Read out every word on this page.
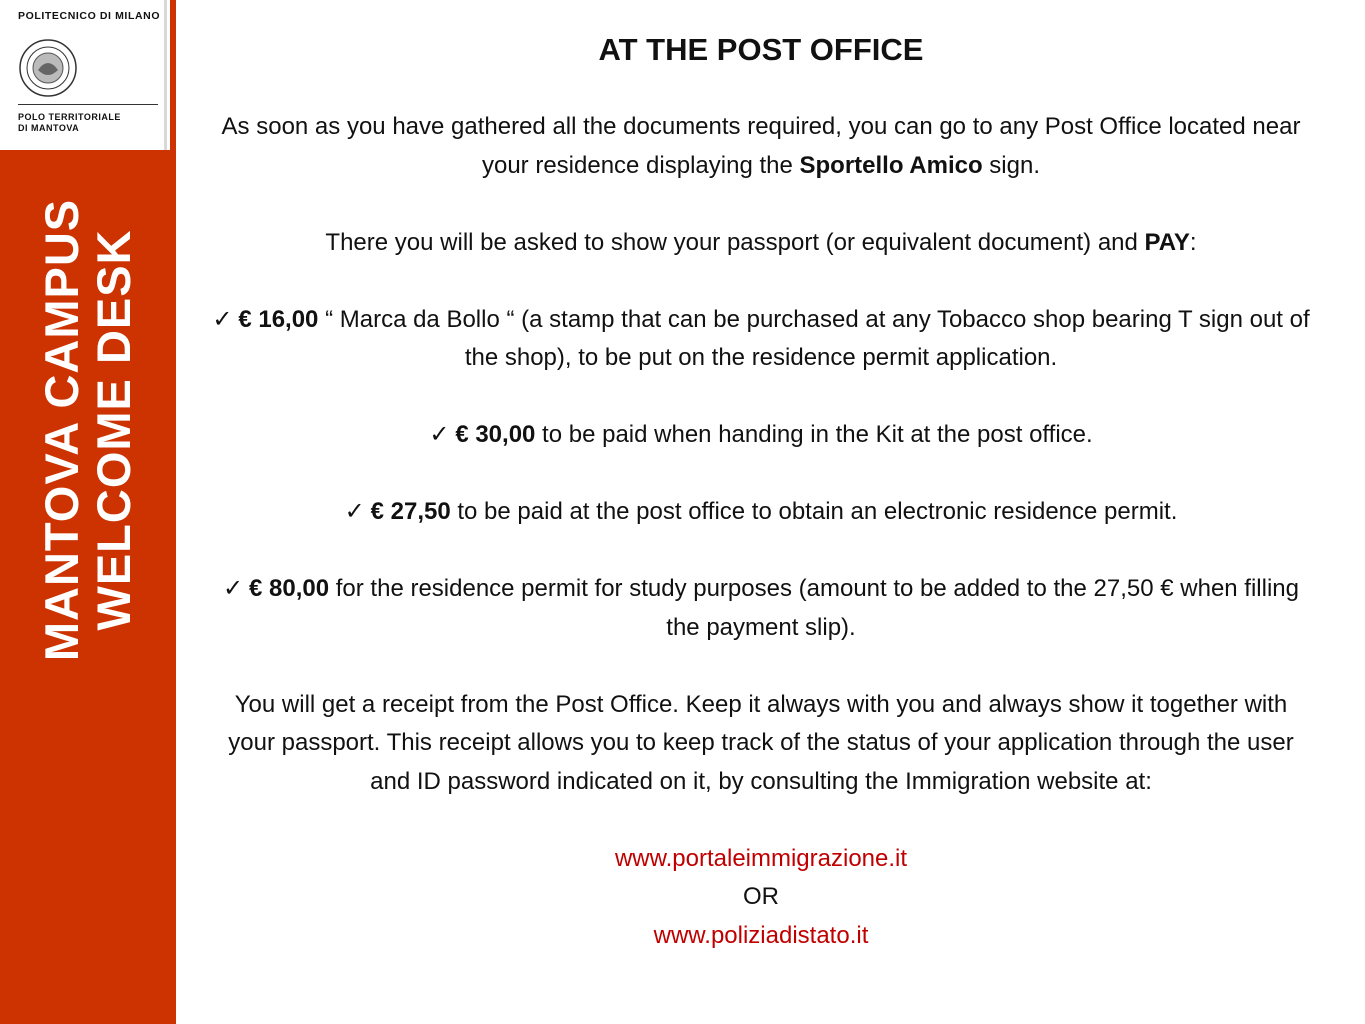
POLITECNICO DI MILANO
POLO TERRITORIALE
DI MANTOVA
MANTOVA CAMPUS WELCOME DESK
AT THE POST OFFICE

As soon as you have gathered all the documents required, you can go to any Post Office located near your residence displaying the Sportello Amico sign.

There you will be asked to show your passport (or equivalent document) and PAY:

✓ € 16,00 “ Marca da Bollo “ (a stamp that can be purchased at any Tobacco shop bearing T sign out of the shop), to be put on the residence permit application.

✓ € 30,00 to be paid when handing in the Kit at the post office.

✓ € 27,50 to be paid at the post office to obtain an electronic residence permit.

✓ € 80,00 for the residence permit for study purposes (amount to be added to the 27,50 € when filling the payment slip).

You will get a receipt from the Post Office. Keep it always with you and always show it together with your passport. This receipt allows you to keep track of the status of your application through the user and ID password indicated on it, by consulting the Immigration website at:

www.portaleimmigrazione.it

OR

www.poliziadistato.it
